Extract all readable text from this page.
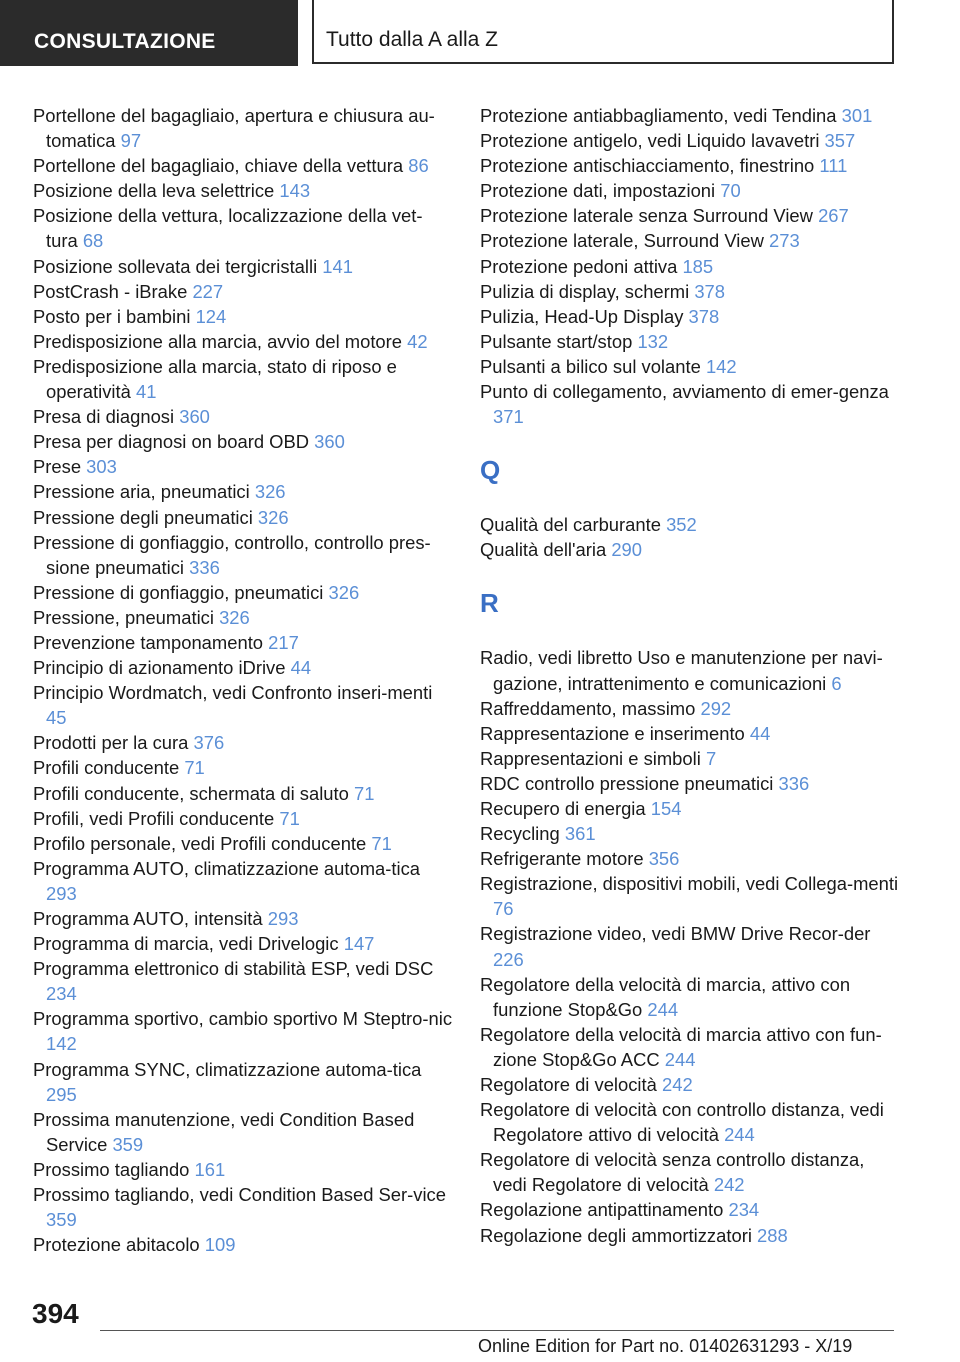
CONSULTAZIONE	Tutto dalla A alla Z
Portellone del bagagliaio, apertura e chiusura au‐tomatica 97
Portellone del bagagliaio, chiave della vettura 86
Posizione della leva selettrice 143
Posizione della vettura, localizzazione della vet‐tura 68
Posizione sollevata dei tergicristalli 141
PostCrash - iBrake 227
Posto per i bambini 124
Predisposizione alla marcia, avvio del motore 42
Predisposizione alla marcia, stato di riposo e operatività 41
Presa di diagnosi 360
Presa per diagnosi on board OBD 360
Prese 303
Pressione aria, pneumatici 326
Pressione degli pneumatici 326
Pressione di gonfiaggio, controllo, controllo pres‐sione pneumatici 336
Pressione di gonfiaggio, pneumatici 326
Pressione, pneumatici 326
Prevenzione tamponamento 217
Principio di azionamento iDrive 44
Principio Wordmatch, vedi Confronto inseri‐menti 45
Prodotti per la cura 376
Profili conducente 71
Profili conducente, schermata di saluto 71
Profili, vedi Profili conducente 71
Profilo personale, vedi Profili conducente 71
Programma AUTO, climatizzazione automa‐tica 293
Programma AUTO, intensità 293
Programma di marcia, vedi Drivelogic 147
Programma elettronico di stabilità ESP, vedi DSC 234
Programma sportivo, cambio sportivo M Steptro‐nic 142
Programma SYNC, climatizzazione automa‐tica 295
Prossima manutenzione, vedi Condition Based Service 359
Prossimo tagliando 161
Prossimo tagliando, vedi Condition Based Ser‐vice 359
Protezione abitacolo 109
Protezione antiabbagliamento, vedi Tendina 301
Protezione antigelo, vedi Liquido lavavetri 357
Protezione antischiacciamento, finestrino 111
Protezione dati, impostazioni 70
Protezione laterale senza Surround View 267
Protezione laterale, Surround View 273
Protezione pedoni attiva 185
Pulizia di display, schermi 378
Pulizia, Head-Up Display 378
Pulsante start/stop 132
Pulsanti a bilico sul volante 142
Punto di collegamento, avviamento di emer‐genza 371
Q
Qualità del carburante 352
Qualità dell'aria 290
R
Radio, vedi libretto Uso e manutenzione per navi‐gazione, intrattenimento e comunicazioni 6
Raffreddamento, massimo 292
Rappresentazione e inserimento 44
Rappresentazioni e simboli 7
RDC controllo pressione pneumatici 336
Recupero di energia 154
Recycling 361
Refrigerante motore 356
Registrazione, dispositivi mobili, vedi Collega‐menti 76
Registrazione video, vedi BMW Drive Recor‐der 226
Regolatore della velocità di marcia, attivo con funzione Stop&Go 244
Regolatore della velocità di marcia attivo con fun‐zione Stop&Go ACC 244
Regolatore di velocità 242
Regolatore di velocità con controllo distanza, vedi Regolatore attivo di velocità 244
Regolatore di velocità senza controllo distanza, vedi Regolatore di velocità 242
Regolazione antipattinamento 234
Regolazione degli ammortizzatori 288
394
Online Edition for Part no. 01402631293 - X/19
